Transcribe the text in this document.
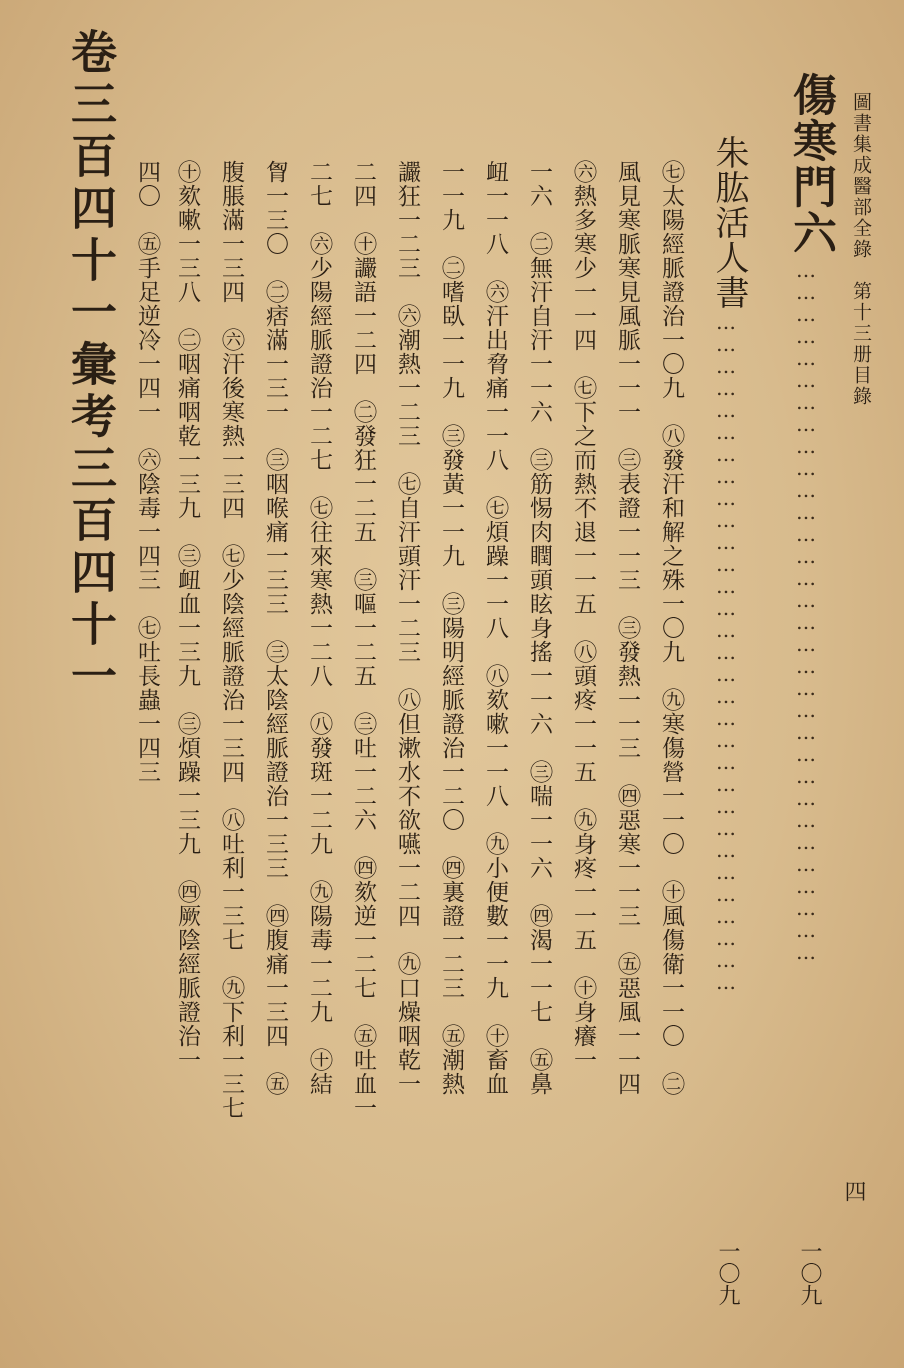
圖書集成醫部全錄　第十三册目錄
四
傷寒門六
……………………………………………………………………………………
一〇九
朱肱活人書
…………………………………………………………………………………
一〇九
㊆太陽經脈證治一〇九　㊇發汗和解之殊一〇九　㊈寒傷營一一〇　㊉風傷衛一一〇　㊁
風見寒脈寒見風脈一一一　㊂表證一一三　㊂發熱一一三　㊃惡寒一一三　㊄惡風一一四
㊅熱多寒少一一四　㊆下之而熱不退一一五　㊇頭疼一一五　㊈身疼一一五　㊉身癢一
一六　㊁無汗自汗一一六　㊂筋惕肉瞤頭眩身搖一一六　㊂喘一一六　㊃渴一一七　㊄鼻
衄一一八　㊅汗出脅痛一一八　㊆煩躁一一八　㊇欬嗽一一八　㊈小便數一一九　㊉畜血
一一九　㊁嗜臥一一九　㊂發黃一一九　㊂陽明經脈證治一二〇　㊃裏證一二三　㊄潮熱
讝狂一二三　㊅潮熱一二三　㊆自汗頭汗一二三　㊇但漱水不欲嚥一二四　㊈口燥咽乾一
二四　㊉讝語一二四　㊁發狂一二五　㊂嘔一二五　㊂吐一二六　㊃欬逆一二七　㊄吐血一
二七　㊅少陽經脈證治一二七　㊆往來寒熱一二八　㊇發斑一二九　㊈陽毒一二九　㊉結
胷一三〇　㊁痞滿一三一　㊂咽喉痛一三三　㊂太陰經脈證治一三三　㊃腹痛一三四　㊄
腹脹滿一三四　㊅汗後寒熱一三四　㊆少陰經脈證治一三四　㊇吐利一三七　㊈下利一三七
㊉欬嗽一三八　㊁咽痛咽乾一三九　㊂衄血一三九　㊂煩躁一三九　㊃厥陰經脈證治一
四〇　㊄手足逆冷一四一　㊅陰毒一四三　㊆吐長蟲一四三
卷三百四十一彙考三百四十一
